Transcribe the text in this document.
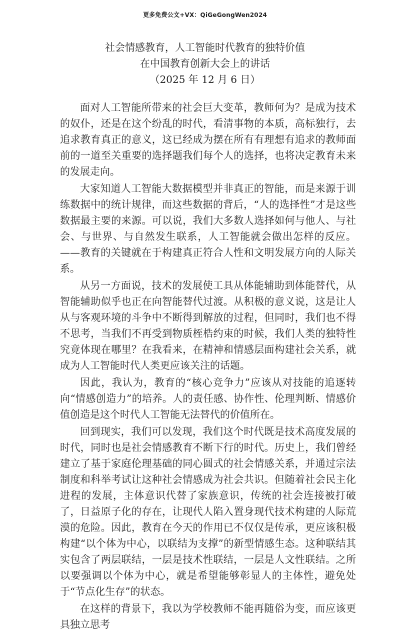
更多免费公文+VX：QiGeGongWen2024
社会情感教育，人工智能时代教育的独特价值
在中国教育创新大会上的讲话
（2025 年 12 月 6 日）

面对人工智能所带来的社会巨大变革，教师何为？是成为技术的奴仆，还是在这个纷乱的时代，看清事物的本质，高标独行，去追求教育真正的意义，这已经成为摆在所有有理想有追求的教师面前的一道至关重要的选择题我们每个人的选择，也将决定教育未来的发展走向。

大家知道人工智能大数据模型并非真正的智能，而是来源于训练数据中的统计规律，而这些数据的背后，“人的选择性”才是这些数据最主要的来源。可以说，我们大多数人选择如何与他人、与社会、与世界、与自然发生联系，人工智能就会做出怎样的反应。——教育的关键就在于构建真正符合人性和文明发展方向的人际关系。

从另一方面说，技术的发展使工具从体能辅助到体能替代，从智能辅助似乎也正在向智能替代过渡。从积极的意义说，这是让人从与客观环境的斗争中不断得到解放的过程，但同时，我们也不得不思考，当我们不再受到物质桎梏约束的时候，我们人类的独特性究竟体现在哪里？在我看来，在精神和情感层面构建社会关系，就成为人工智能时代人类更应该关注的话题。

因此，我认为，教育的“核心竞争力”应该从对技能的追逐转向“情感创造力”的培养。人的责任感、协作性、伦理判断、情感价值创造是这个时代人工智能无法替代的价值所在。

回到现实，我们可以发现，我们这个时代既是技术高度发展的时代，同时也是社会情感教育不断下行的时代。历史上，我们曾经建立了基于家庭伦理基础的同心圆式的社会情感关系，并通过宗法制度和科举考试让这种社会情感成为社会共识。但随着社会民主化进程的发展，主体意识代替了家族意识，传统的社会连接被打破了，日益原子化的存在，让现代人陷入置身现代技术构建的人际荒漠的危险。因此，教育在今天的作用已不仅仅是传承，更应该积极构建“以个体为中心，以联结为支撑”的新型情感生态。这种联结其实包含了两层联结，一层是技术性联结，一层是人文性联结。之所以要强调以个体为中心，就是希望能够彰显人的主体性，避免处于“节点化生存”的状态。

在这样的背景下，我以为学校教师不能再随俗为变，而应该更具独立思考
